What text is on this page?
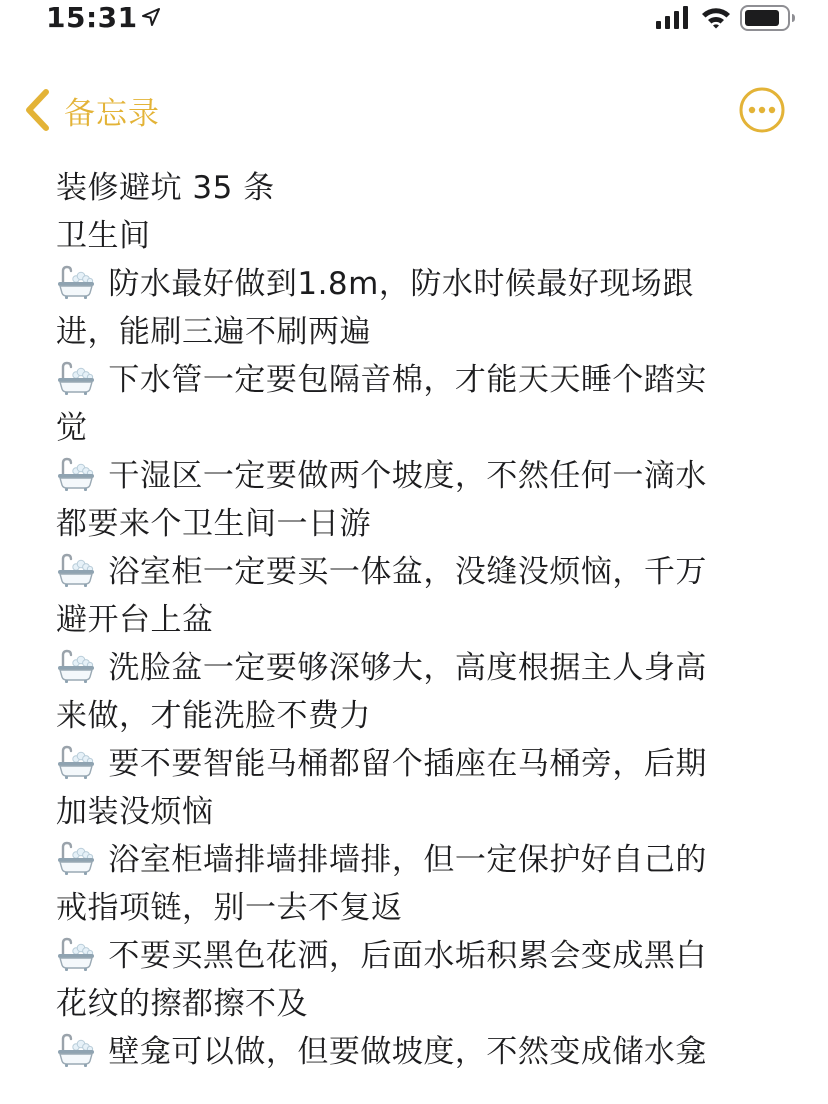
15:31
备忘录
装修避坑 35 条
卫生间
防水最好做到1.8m，防水时候最好现场跟
进，能刷三遍不刷两遍
下水管一定要包隔音棉，才能天天睡个踏实
觉
干湿区一定要做两个坡度，不然任何一滴水
都要来个卫生间一日游
浴室柜一定要买一体盆，没缝没烦恼，千万
避开台上盆
洗脸盆一定要够深够大，高度根据主人身高
来做，才能洗脸不费力
要不要智能马桶都留个插座在马桶旁，后期
加装没烦恼
浴室柜墙排墙排墙排，但一定保护好自己的
戒指项链，别一去不复返
不要买黑色花洒，后面水垢积累会变成黑白
花纹的擦都擦不及
壁龛可以做，但要做坡度，不然变成储水龛
